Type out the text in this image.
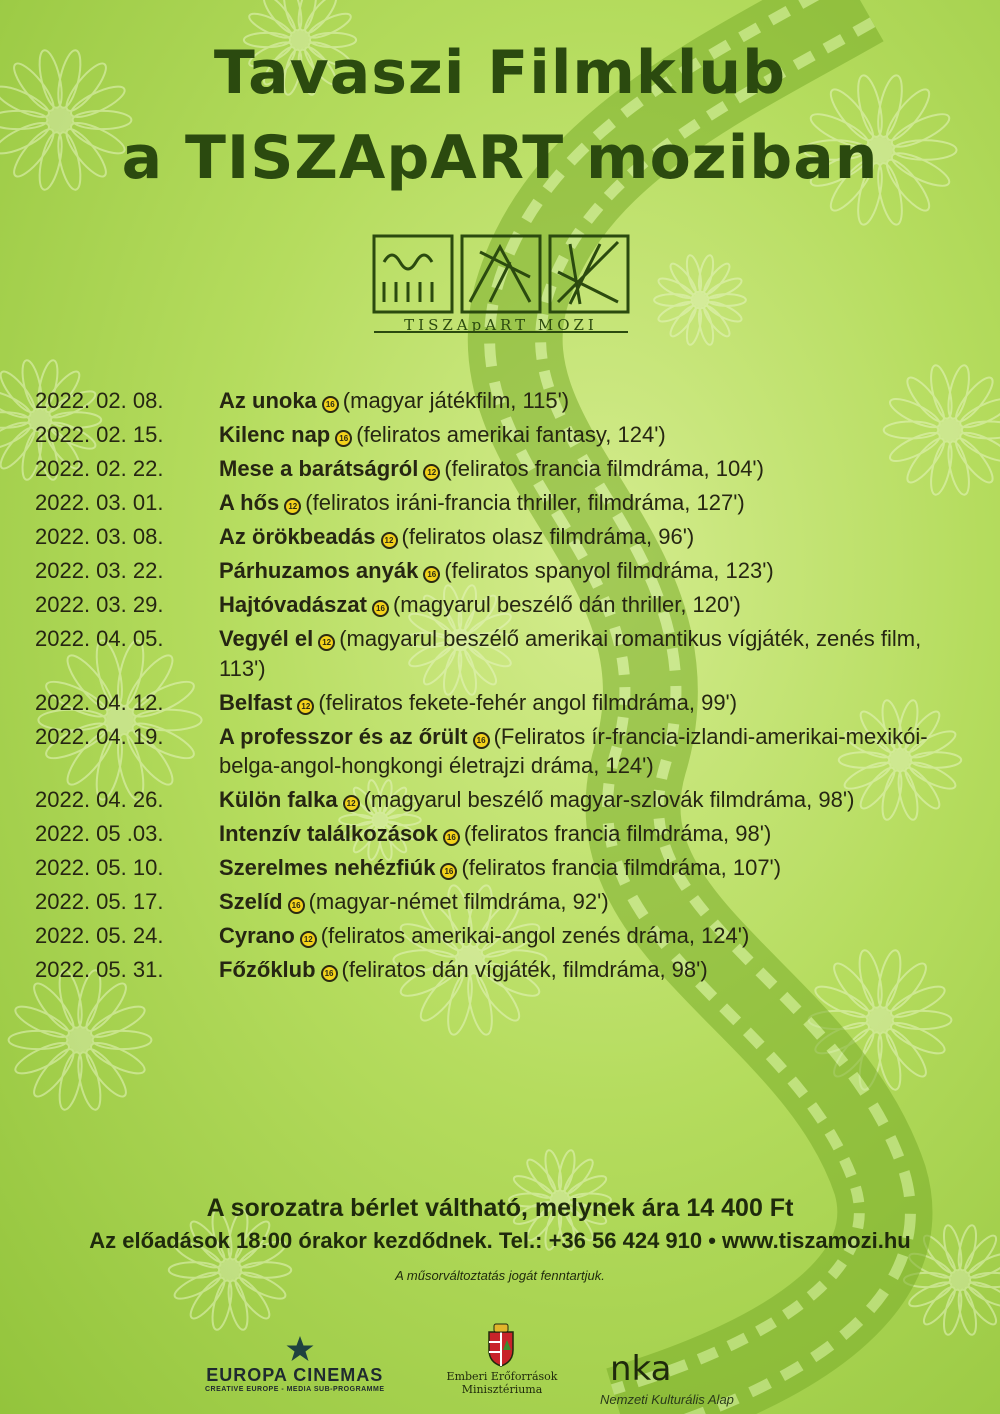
Tavaszi Filmklub
a TISZApART moziban
TISZApART MOZI
2022. 02. 08.	Az unoka 16 (magyar játékfilm, 115')
2022. 02. 15.	Kilenc nap 16 (feliratos amerikai fantasy, 124')
2022. 02. 22.	Mese a barátságról 12 (feliratos francia filmdráma, 104')
2022. 03. 01.	A hős 12 (feliratos iráni-francia thriller, filmdráma, 127')
2022. 03. 08.	Az örökbeadás 12 (feliratos olasz filmdráma, 96')
2022. 03. 22.	Párhuzamos anyák 16 (feliratos spanyol filmdráma, 123')
2022. 03. 29.	Hajtóvadászat 16 (magyarul beszélő dán thriller, 120')
2022. 04. 05.	Vegyél el 12 (magyarul beszélő amerikai romantikus vígjáték, zenés film, 113')
2022. 04. 12.	Belfast 12 (feliratos fekete-fehér angol filmdráma, 99')
2022. 04. 19.	A professzor és az őrült 16 (Feliratos ír-francia-izlandi-amerikai-mexikói-belga-angol-hongkongi életrajzi dráma, 124')
2022. 04. 26.	Külön falka 12 (magyarul beszélő magyar-szlovák filmdráma, 98')
2022. 05 .03.	Intenzív találkozások 16 (feliratos francia filmdráma, 98')
2022. 05. 10.	Szerelmes nehézfiúk 16 (feliratos francia filmdráma, 107')
2022. 05. 17.	Szelíd 16 (magyar-német filmdráma, 92')
2022. 05. 24.	Cyrano 12 (feliratos amerikai-angol zenés dráma, 124')
2022. 05. 31.	Főzőklub 16 (feliratos dán vígjáték, filmdráma, 98')
A sorozatra bérlet váltható, melynek ára 14 400 Ft
Az előadások 18:00 órakor kezdődnek. Tel.: +36 56 424 910 • www.tiszamozi.hu
A műsorváltoztatás jogát fenntartjuk.
EUROPA CINEMAS
CREATIVE EUROPE - MEDIA SUB-PROGRAMME
Emberi Erőforrások
Minisztériuma
nka
Nemzeti Kulturális Alap
